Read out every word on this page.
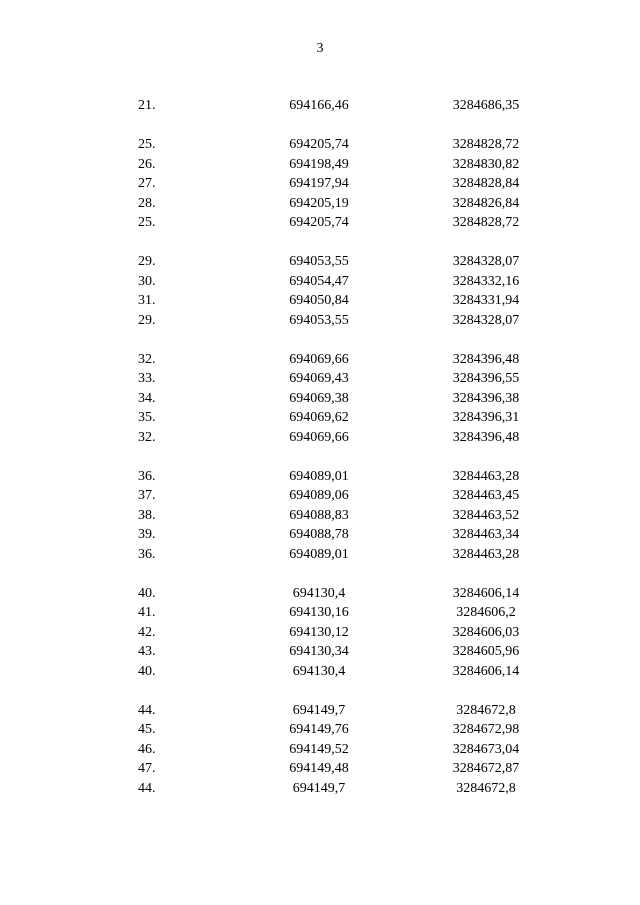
3
21.	694166,46	3284686,35
25.	694205,74	3284828,72
26.	694198,49	3284830,82
27.	694197,94	3284828,84
28.	694205,19	3284826,84
25.	694205,74	3284828,72
29.	694053,55	3284328,07
30.	694054,47	3284332,16
31.	694050,84	3284331,94
29.	694053,55	3284328,07
32.	694069,66	3284396,48
33.	694069,43	3284396,55
34.	694069,38	3284396,38
35.	694069,62	3284396,31
32.	694069,66	3284396,48
36.	694089,01	3284463,28
37.	694089,06	3284463,45
38.	694088,83	3284463,52
39.	694088,78	3284463,34
36.	694089,01	3284463,28
40.	694130,4	3284606,14
41.	694130,16	3284606,2
42.	694130,12	3284606,03
43.	694130,34	3284605,96
40.	694130,4	3284606,14
44.	694149,7	3284672,8
45.	694149,76	3284672,98
46.	694149,52	3284673,04
47.	694149,48	3284672,87
44.	694149,7	3284672,8
